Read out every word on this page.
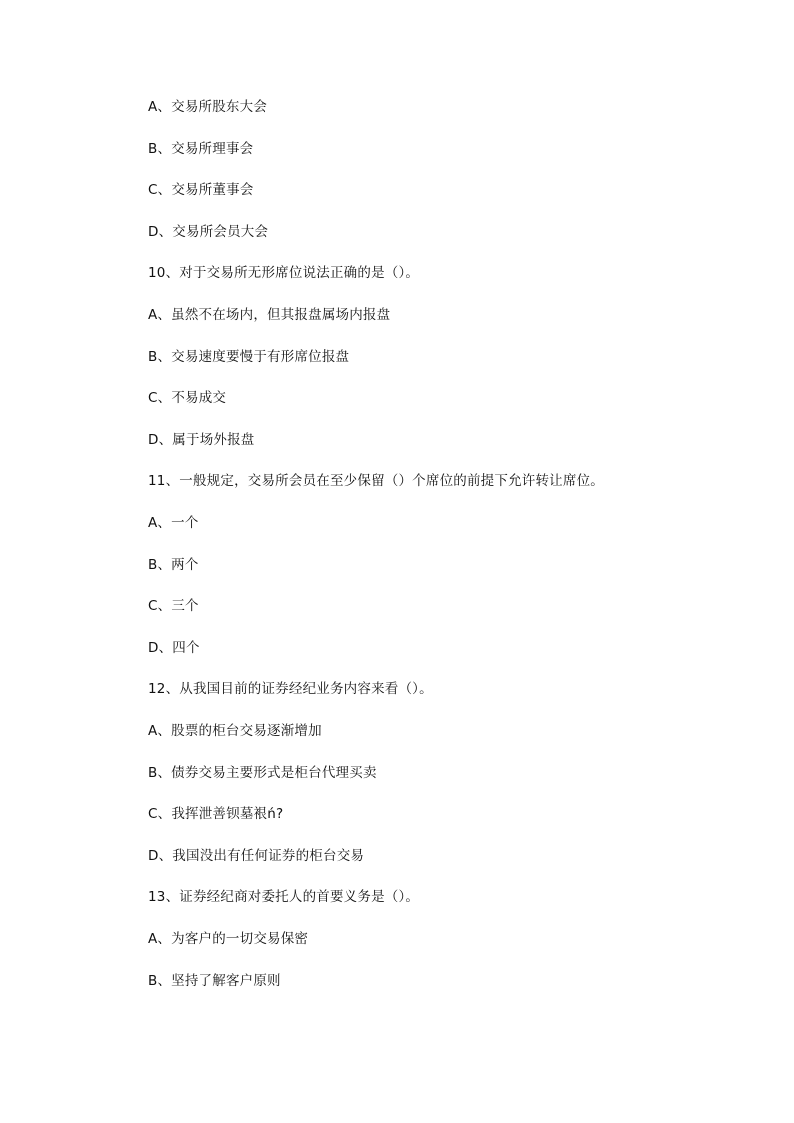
A、交易所股东大会
B、交易所理事会
C、交易所董事会
D、交易所会员大会
10、对于交易所无形席位说法正确的是（）。
A、虽然不在场内，但其报盘属场内报盘
B、交易速度要慢于有形席位报盘
C、不易成交
D、属于场外报盘
11、一般规定，交易所会员在至少保留（）个席位的前提下允许转让席位。
A、一个
B、两个
C、三个
D、四个
12、从我国目前的证券经纪业务内容来看（）。
A、股票的柜台交易逐渐增加
B、债券交易主要形式是柜台代理买卖
C、我挥泄善钡墓裉ń?
D、我国没出有任何证券的柜台交易
13、证券经纪商对委托人的首要义务是（）。
A、为客户的一切交易保密
B、坚持了解客户原则
